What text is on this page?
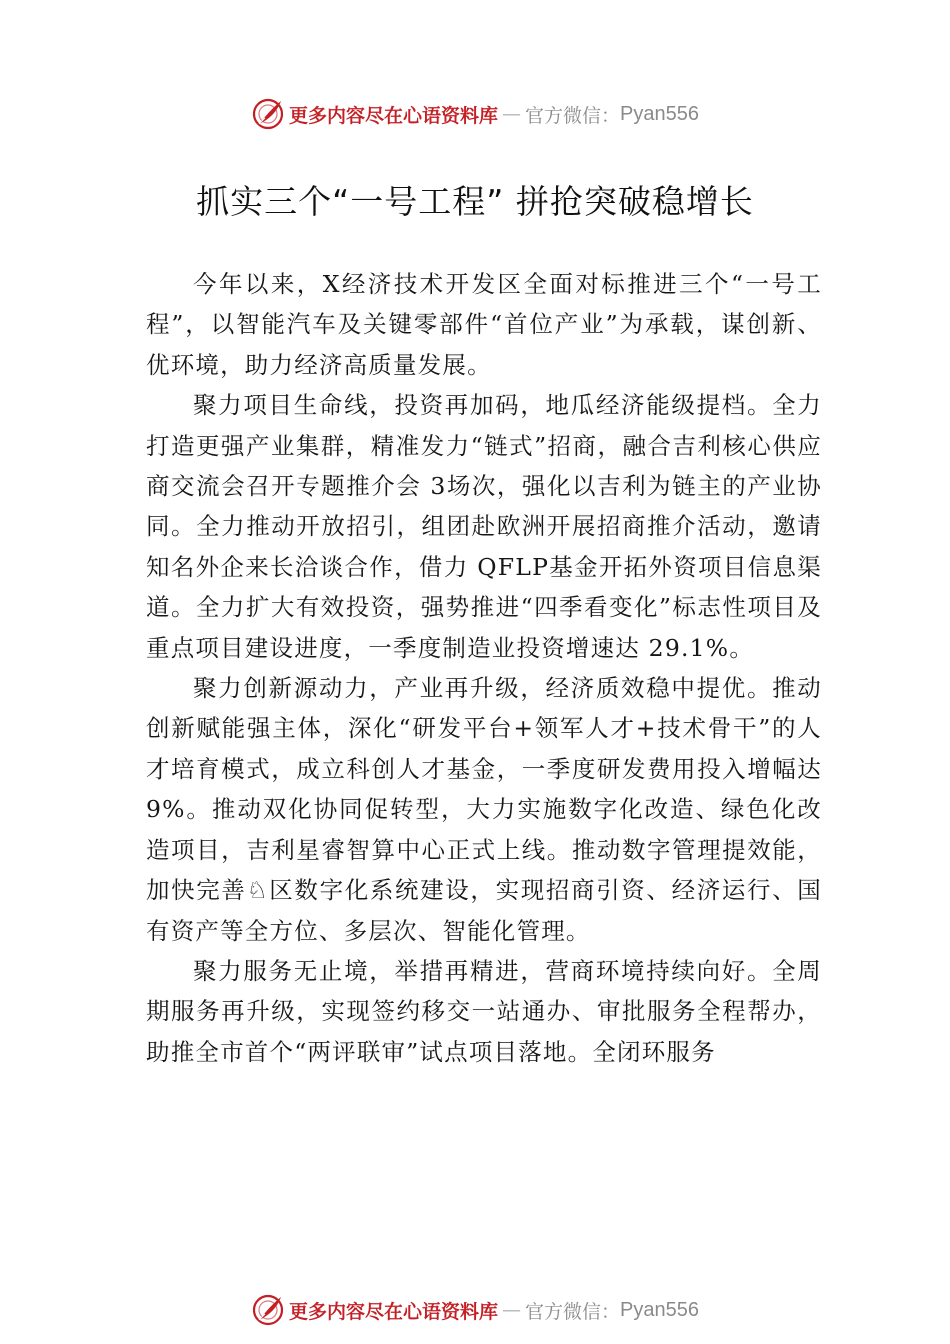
更多内容尽在心语资料库 — 官方微信： Pyan556
抓实三个“一号工程” 拼抢突破稳增长

今年以来，X经济技术开发区全面对标推进三个“一号工程”，以智能汽车及关键零部件“首位产业”为承载，谋创新、优环境，助力经济高质量发展。

聚力项目生命线，投资再加码，地瓜经济能级提档。全力打造更强产业集群，精准发力“链式”招商，融合吉利核心供应商交流会召开专题推介会 3场次，强化以吉利为链主的产业协同。全力推动开放招引，组团赴欧洲开展招商推介活动，邀请知名外企来长洽谈合作，借力 QFLP基金开拓外资项目信息渠道。全力扩大有效投资，强势推进“四季看变化”标志性项目及重点项目建设进度，一季度制造业投资增速达 29.1%。

聚力创新源动力，产业再升级，经济质效稳中提优。推动创新赋能强主体，深化“研发平台+领军人才+技术骨干”的人才培育模式，成立科创人才基金，一季度研发费用投入增幅达 9%。推动双化协同促转型，大力实施数字化改造、绿色化改造项目，吉利星睿智算中心正式上线。推动数字管理提效能，加快完善♘区数字化系统建设，实现招商引资、经济运行、国有资产等全方位、多层次、智能化管理。

聚力服务无止境，举措再精进，营商环境持续向好。全周期服务再升级，实现签约移交一站通办、审批服务全程帮办，助推全市首个“两评联审”试点项目落地。全闭环服务

更多内容尽在心语资料库 — 官方微信： Pyan556
